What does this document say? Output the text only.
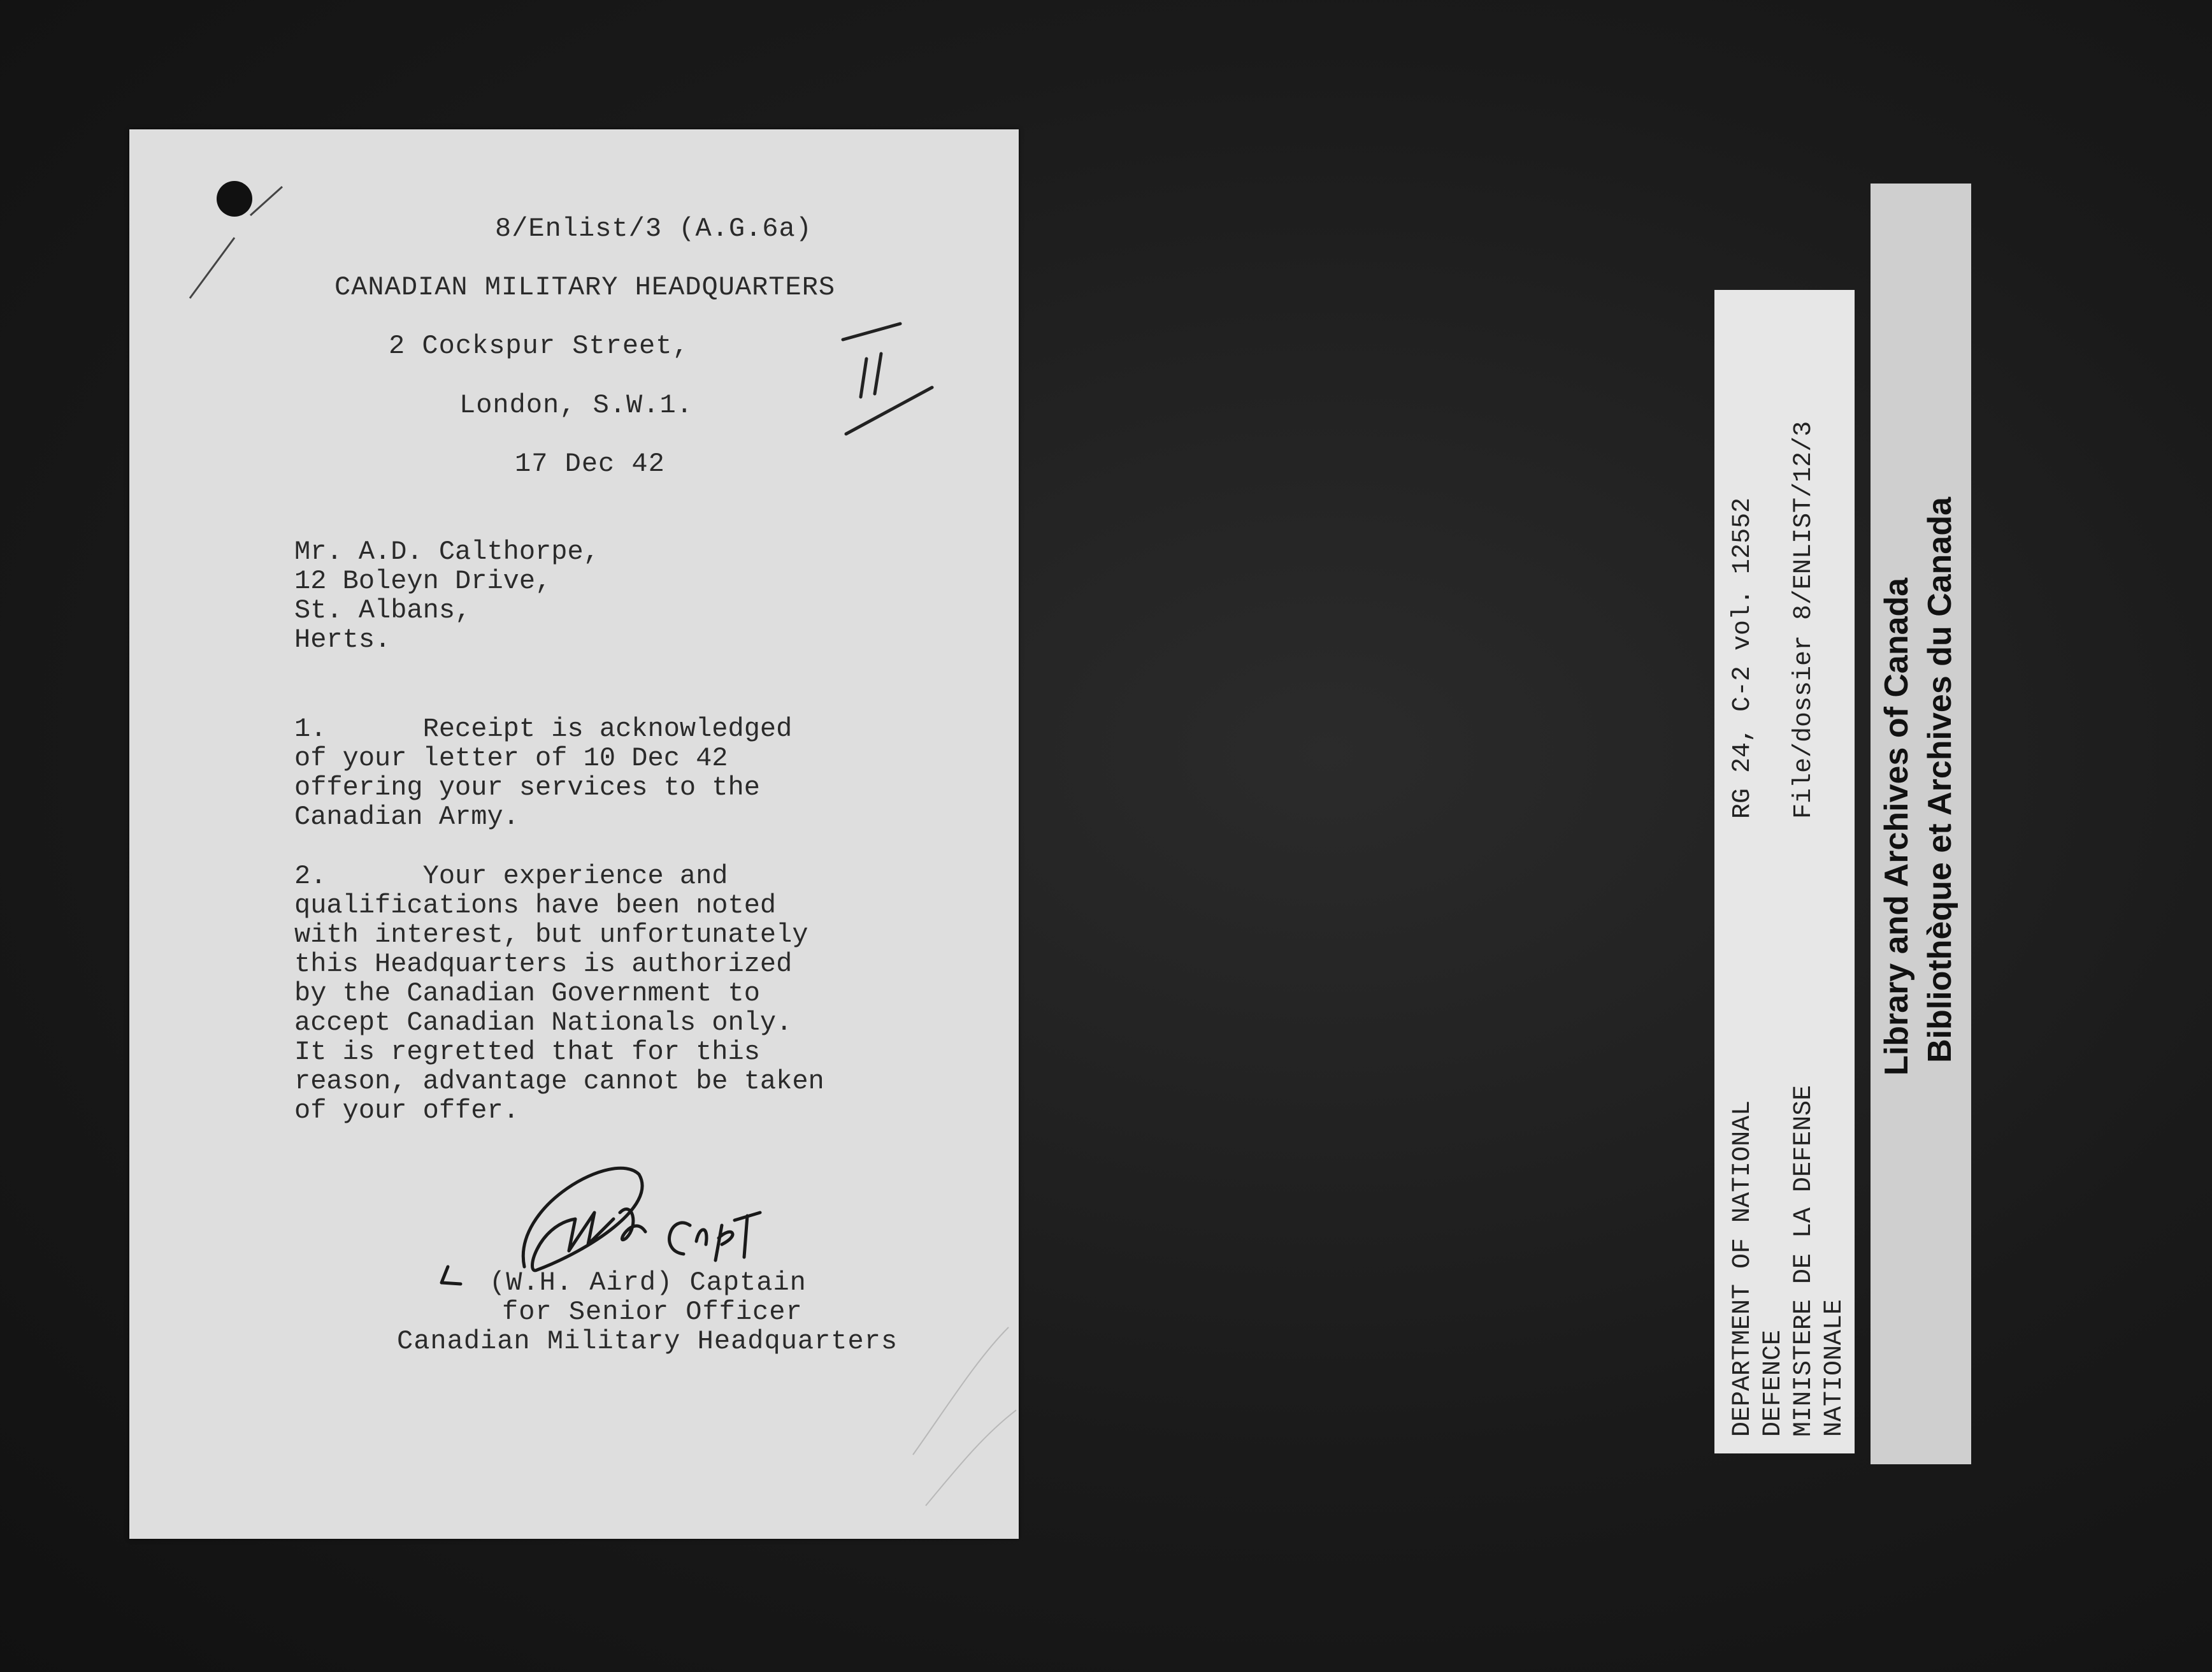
8/Enlist/3 (A.G.6a)
CANADIAN MILITARY HEADQUARTERS
2 Cockspur Street,
London, S.W.1.
17 Dec 42
Mr. A.D. Calthorpe,
12 Boleyn Drive,
St. Albans,
Herts.
1.      Receipt is acknowledged
of your letter of 10 Dec 42
offering your services to the
Canadian Army.
2.      Your experience and
qualifications have been noted
with interest, but unfortunately
this Headquarters is authorized
by the Canadian Government to
accept Canadian Nationals only.
It is regretted that for this
reason, advantage cannot be taken
of your offer.
(W.H. Aird) Captain
for Senior Officer
Canadian Military Headquarters	DEPARTMENT OF NATIONAL DEFENCE MINISTERE DE LA DEFENSE NATIONALE
RG 24, C-2 vol. 12552 File/dossier 8/ENLIST/12/3 Library and Archives of Canada Bibliothèque et Archives du Canada
